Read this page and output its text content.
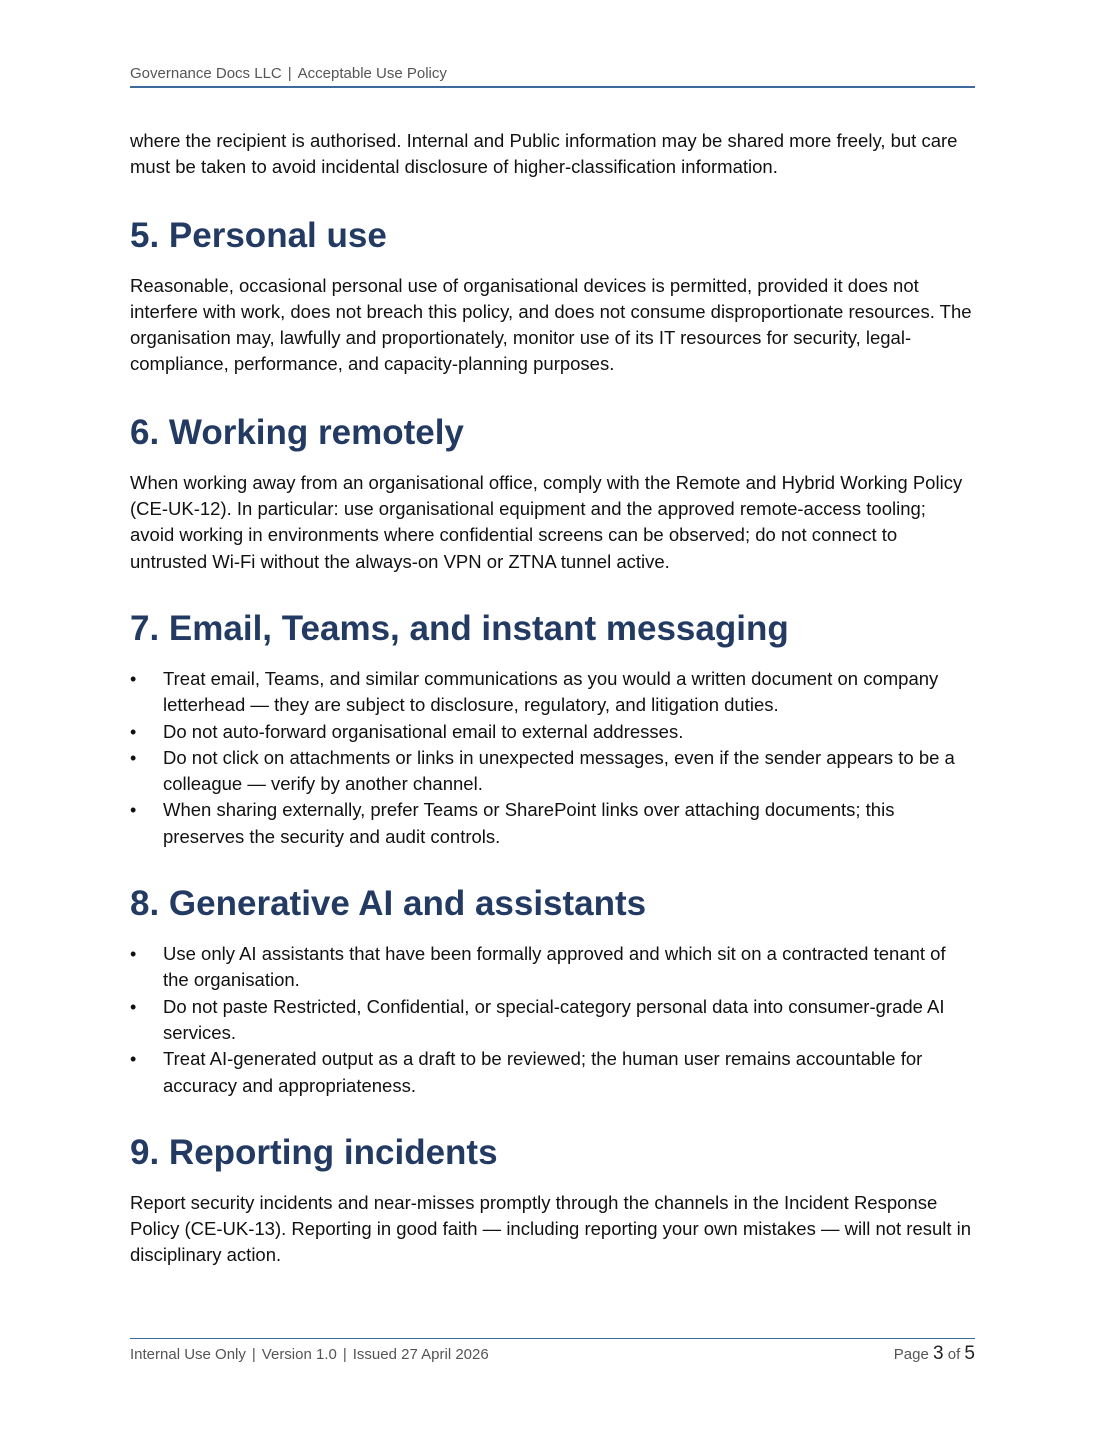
Governance Docs LLC | Acceptable Use Policy

where the recipient is authorised. Internal and Public information may be shared more freely, but care must be taken to avoid incidental disclosure of higher-classification information.

5. Personal use

Reasonable, occasional personal use of organisational devices is permitted, provided it does not interfere with work, does not breach this policy, and does not consume disproportionate resources. The organisation may, lawfully and proportionately, monitor use of its IT resources for security, legal-compliance, performance, and capacity-planning purposes.

6. Working remotely

When working away from an organisational office, comply with the Remote and Hybrid Working Policy (CE-UK-12). In particular: use organisational equipment and the approved remote-access tooling; avoid working in environments where confidential screens can be observed; do not connect to untrusted Wi-Fi without the always-on VPN or ZTNA tunnel active.

7. Email, Teams, and instant messaging
• Treat email, Teams, and similar communications as you would a written document on company letterhead — they are subject to disclosure, regulatory, and litigation duties.
• Do not auto-forward organisational email to external addresses.
• Do not click on attachments or links in unexpected messages, even if the sender appears to be a colleague — verify by another channel.
• When sharing externally, prefer Teams or SharePoint links over attaching documents; this preserves the security and audit controls.
8. Generative AI and assistants
• Use only AI assistants that have been formally approved and which sit on a contracted tenant of the organisation.
• Do not paste Restricted, Confidential, or special-category personal data into consumer-grade AI services.
• Treat AI-generated output as a draft to be reviewed; the human user remains accountable for accuracy and appropriateness.
9. Reporting incidents

Report security incidents and near-misses promptly through the channels in the Incident Response Policy (CE-UK-13). Reporting in good faith — including reporting your own mistakes — will not result in disciplinary action.

Internal Use Only | Version 1.0 | Issued 27 April 2026	Page 3 of 5
